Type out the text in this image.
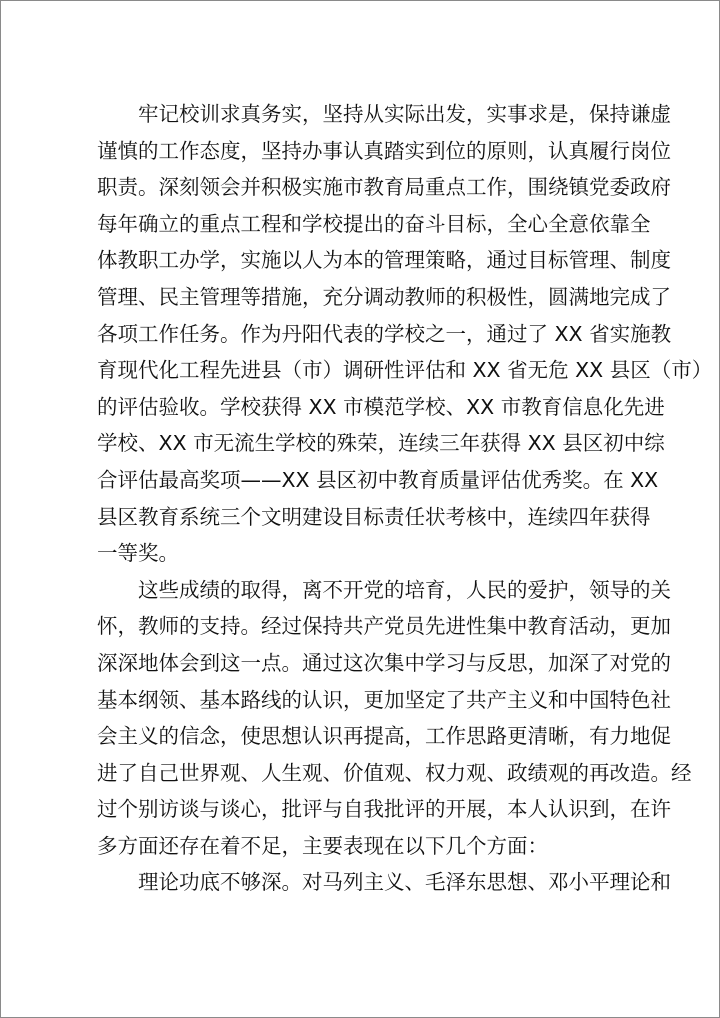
牢记校训求真务实，坚持从实际出发，实事求是，保持谦虚
谨慎的工作态度，坚持办事认真踏实到位的原则，认真履行岗位
职责。深刻领会并积极实施市教育局重点工作，围绕镇党委政府
每年确立的重点工程和学校提出的奋斗目标，全心全意依靠全
体教职工办学，实施以人为本的管理策略，通过目标管理、制度
管理、民主管理等措施，充分调动教师的积极性，圆满地完成了
各项工作任务。作为丹阳代表的学校之一，通过了 XX 省实施教
育现代化工程先进县（市）调研性评估和 XX 省无危 XX 县区（市）
的评估验收。学校获得 XX 市模范学校、XX 市教育信息化先进
学校、XX 市无流生学校的殊荣，连续三年获得 XX 县区初中综
合评估最高奖项——XX 县区初中教育质量评估优秀奖。在 XX
县区教育系统三个文明建设目标责任状考核中，连续四年获得
一等奖。
这些成绩的取得，离不开党的培育，人民的爱护，领导的关
怀，教师的支持。经过保持共产党员先进性集中教育活动，更加
深深地体会到这一点。通过这次集中学习与反思，加深了对党的
基本纲领、基本路线的认识，更加坚定了共产主义和中国特色社
会主义的信念，使思想认识再提高，工作思路更清晰，有力地促
进了自己世界观、人生观、价值观、权力观、政绩观的再改造。经
过个别访谈与谈心，批评与自我批评的开展，本人认识到，在许
多方面还存在着不足，主要表现在以下几个方面：
理论功底不够深。对马列主义、毛泽东思想、邓小平理论和
